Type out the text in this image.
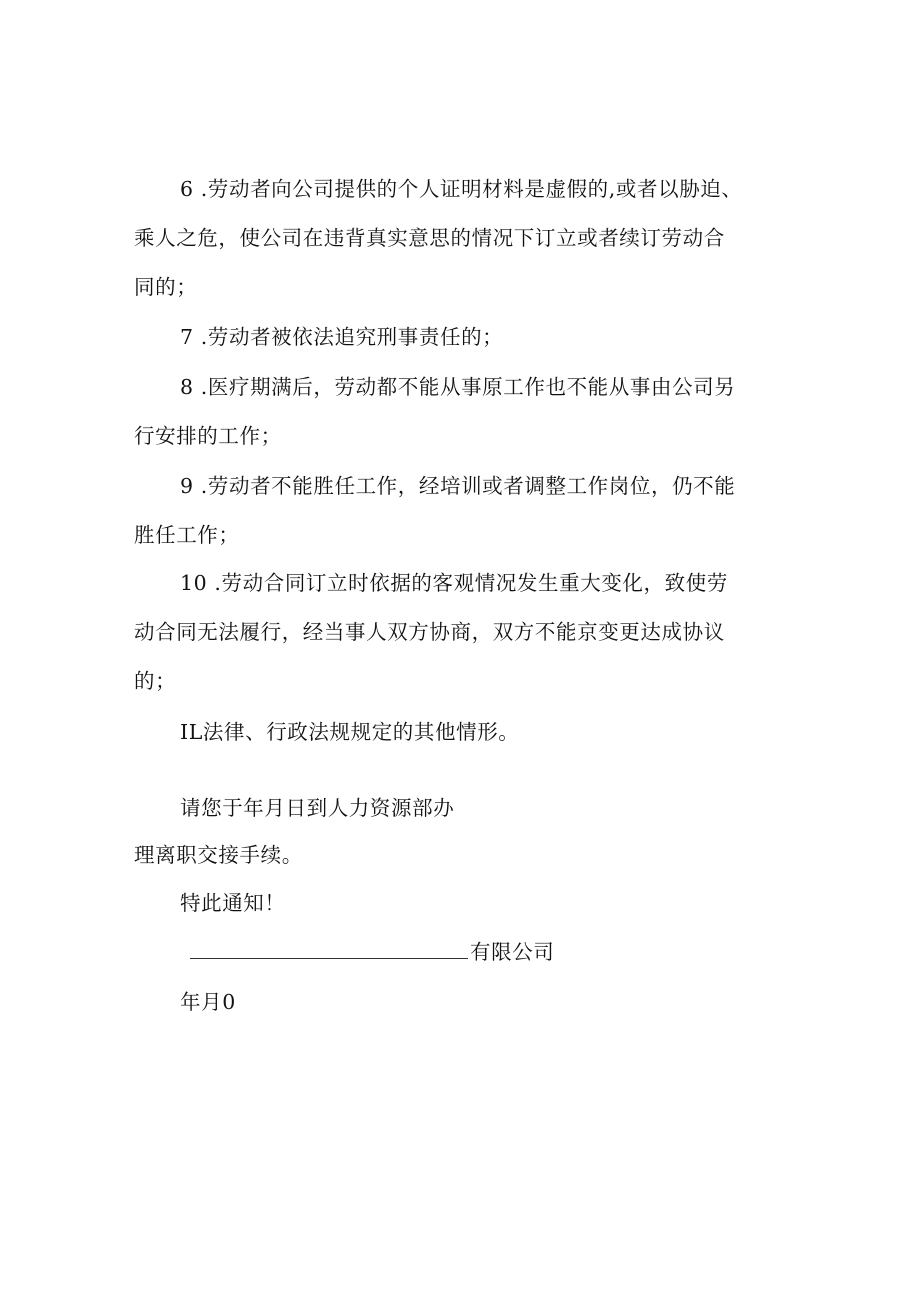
6 .劳动者向公司提供的个人证明材料是虚假的,或者以胁迫、
乘人之危，使公司在违背真实意思的情况下订立或者续订劳动合
同的；
7 .劳动者被依法追究刑事责任的；
8 .医疗期满后，劳动都不能从事原工作也不能从事由公司另
行安排的工作；
9 .劳动者不能胜任工作，经培训或者调整工作岗位，仍不能
胜任工作；
10 .劳动合同订立时依据的客观情况发生重大变化，致使劳
动合同无法履行，经当事人双方协商，双方不能京变更达成协议
的；
IL法律、行政法规规定的其他情形。
请您于年月日到人力资源部办
理离职交接手续。
特此通知！
有限公司
年月0
